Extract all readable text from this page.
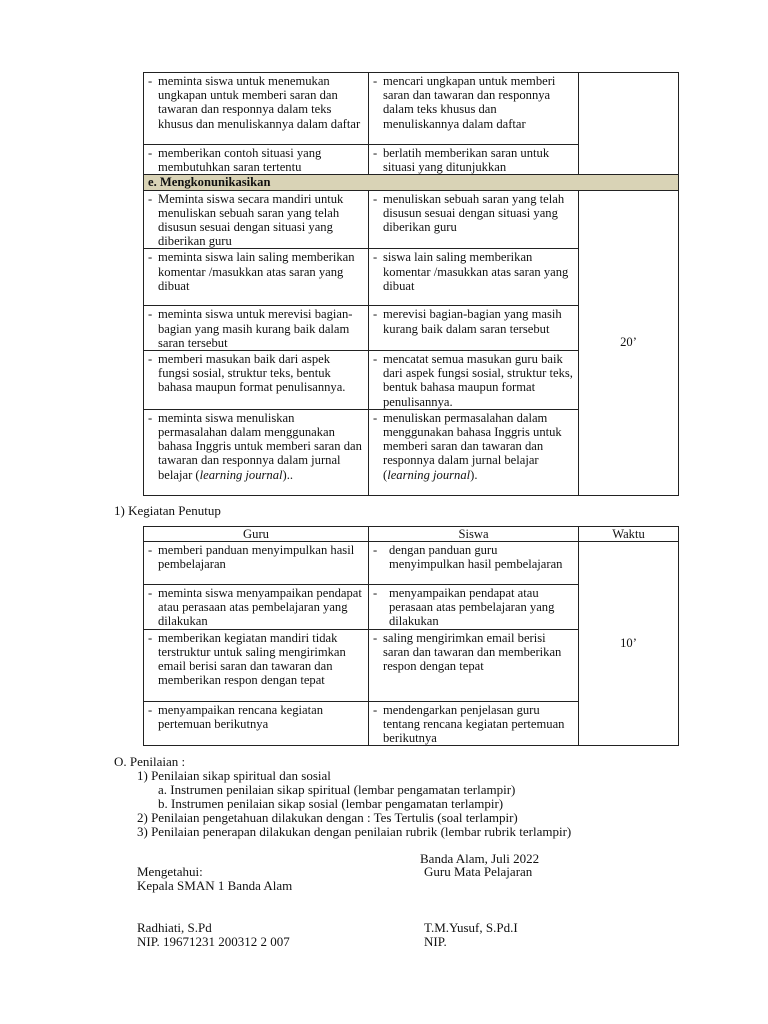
- meminta siswa untuk menemukan ungkapan untuk memberi saran dan tawaran dan responnya dalam teks khusus dan menuliskannya dalam daftar	- mencari ungkapan untuk memberi saran dan tawaran dan responnya dalam teks khusus dan menuliskannya dalam daftar	

- memberikan contoh situasi yang membutuhkan saran tertentu	- berlatih memberikan saran untuk situasi yang ditunjukkan	

e. Mengkonunikasikan		

- Meminta siswa secara mandiri untuk menuliskan sebuah saran yang telah disusun sesuai dengan situasi yang diberikan guru	- menuliskan sebuah saran yang telah disusun sesuai dengan situasi yang diberikan guru	20’

- meminta siswa lain saling memberikan komentar /masukkan atas saran yang dibuat	- siswa lain saling memberikan komentar /masukkan atas saran yang dibuat	

- meminta siswa untuk merevisi bagian-bagian yang masih kurang baik dalam saran tersebut	- merevisi bagian-bagian yang masih kurang baik dalam saran tersebut	

- memberi masukan baik dari aspek fungsi sosial, struktur teks, bentuk bahasa maupun format penulisannya.	- mencatat semua masukan guru baik dari aspek fungsi sosial, struktur teks, bentuk bahasa maupun format penulisannya.	

- meminta siswa menuliskan permasalahan dalam menggunakan bahasa Inggris untuk memberi saran dan tawaran dan responnya dalam jurnal belajar (learning journal)..	- menuliskan permasalahan dalam menggunakan bahasa Inggris untuk memberi saran dan tawaran dan responnya dalam jurnal belajar (learning journal).	
1) Kegiatan Penutup
Guru	Siswa	Waktu

- memberi panduan menyimpulkan hasil pembelajaran	- dengan panduan guru menyimpulkan hasil pembelajaran	10’

- meminta siswa menyampaikan pendapat atau perasaan atas pembelajaran yang dilakukan	- menyampaikan pendapat atau perasaan atas pembelajaran yang dilakukan	

- memberikan kegiatan mandiri tidak terstruktur untuk saling mengirimkan email berisi saran dan tawaran dan memberikan respon dengan tepat	- saling mengirimkan email berisi saran dan tawaran dan memberikan respon dengan tepat	

- menyampaikan rencana kegiatan pertemuan berikutnya	- mendengarkan penjelasan guru tentang rencana kegiatan pertemuan berikutnya	
O. Penilaian :
1) Penilaian sikap spiritual dan sosial
a. Instrumen penilaian sikap spiritual (lembar pengamatan terlampir)
b. Instrumen penilaian sikap sosial (lembar pengamatan terlampir)
2) Penilaian pengetahuan dilakukan dengan : Tes Tertulis (soal terlampir)
3) Penilaian penerapan dilakukan dengan penilaian rubrik (lembar rubrik terlampir)
Banda Alam, Juli 2022
Guru Mata Pelajaran
Mengetahui:
Kepala SMAN 1 Banda Alam
Radhiati, S.Pd
NIP. 19671231 200312 2 007
T.M.Yusuf, S.Pd.I
NIP.
